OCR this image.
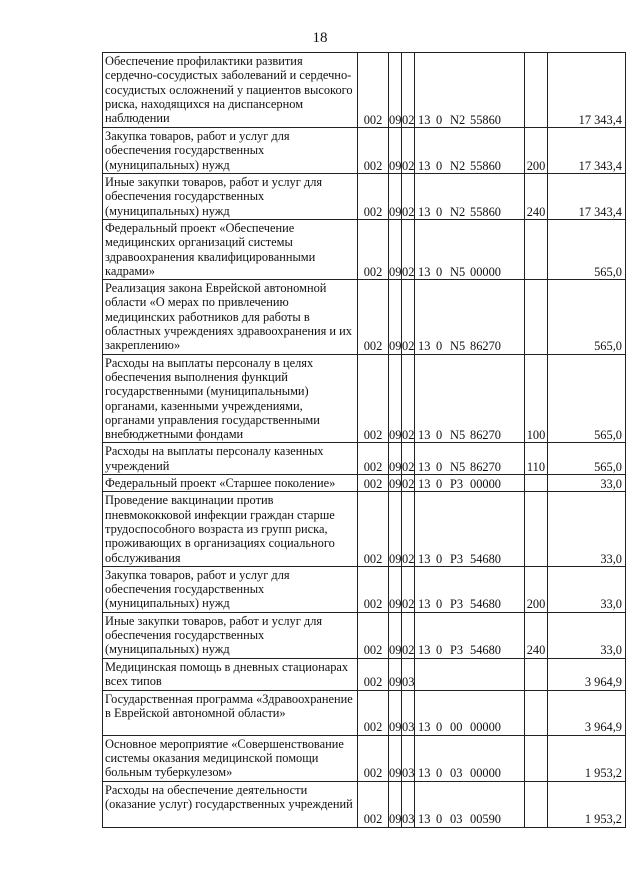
18
Обеспечение профилактики развития сердечно-сосудистых заболеваний и сердечно-сосудистых осложнений у пациентов высокого риска, находящихся на диспансерном наблюдении	002	09	02	13 0 N2 55860		17 343,4
Закупка товаров, работ и услуг для обеспечения государственных (муниципальных) нужд	002	09	02	13 0 N2 55860	200	17 343,4
Иные закупки товаров, работ и услуг для обеспечения государственных (муниципальных) нужд	002	09	02	13 0 N2 55860	240	17 343,4
Федеральный проект «Обеспечение медицинских организаций системы здравоохранения квалифицированными кадрами»	002	09	02	13 0 N5 00000		565,0
Реализация закона Еврейской автономной области «О мерах по привлечению медицинских работников для работы в областных учреждениях здравоохранения и их закреплению»	002	09	02	13 0 N5 86270		565,0
Расходы на выплаты персоналу в целях обеспечения выполнения функций государственными (муниципальными) органами, казенными учреждениями, органами управления государственными внебюджетными фондами	002	09	02	13 0 N5 86270	100	565,0
Расходы на выплаты персоналу казенных учреждений	002	09	02	13 0 N5 86270	110	565,0
Федеральный проект «Старшее поколение»	002	09	02	13 0 P3 00000		33,0
Проведение вакцинации против пневмококковой инфекции граждан старше трудоспособного возраста из групп риска, проживающих в организациях социального обслуживания	002	09	02	13 0 P3 54680		33,0
Закупка товаров, работ и услуг для обеспечения государственных (муниципальных) нужд	002	09	02	13 0 P3 54680	200	33,0
Иные закупки товаров, работ и услуг для обеспечения государственных (муниципальных) нужд	002	09	02	13 0 P3 54680	240	33,0
Медицинская помощь в дневных стационарах всех типов	002	09	03			3 964,9
Государственная программа «Здравоохранение в Еврейской автономной области»	002	09	03	13 0 00 00000		3 964,9
Основное мероприятие «Совершенствование системы оказания медицинской помощи больным туберкулезом»	002	09	03	13 0 03 00000		1 953,2
Расходы на обеспечение деятельности (оказание услуг) государственных учреждений	002	09	03	13 0 03 00590		1 953,2
